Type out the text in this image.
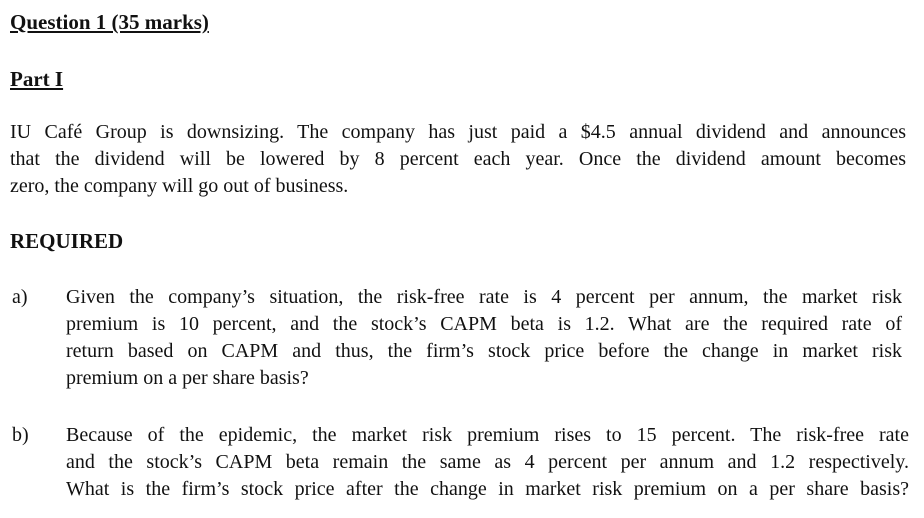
Question 1 (35 marks)
Part I
IU Café Group is downsizing. The company has just paid a $4.5 annual dividend and announces
that the dividend will be lowered by 8 percent each year. Once the dividend amount becomes
zero, the company will go out of business.
REQUIRED
a) Given the company’s situation, the risk-free rate is 4 percent per annum, the market risk
premium is 10 percent, and the stock’s CAPM beta is 1.2. What are the required rate of
return based on CAPM and thus, the firm’s stock price before the change in market risk
premium on a per share basis?
b) Because of the epidemic, the market risk premium rises to 15 percent. The risk-free rate
and the stock’s CAPM beta remain the same as 4 percent per annum and 1.2 respectively.
What is the firm’s stock price after the change in market risk premium on a per share basis?
